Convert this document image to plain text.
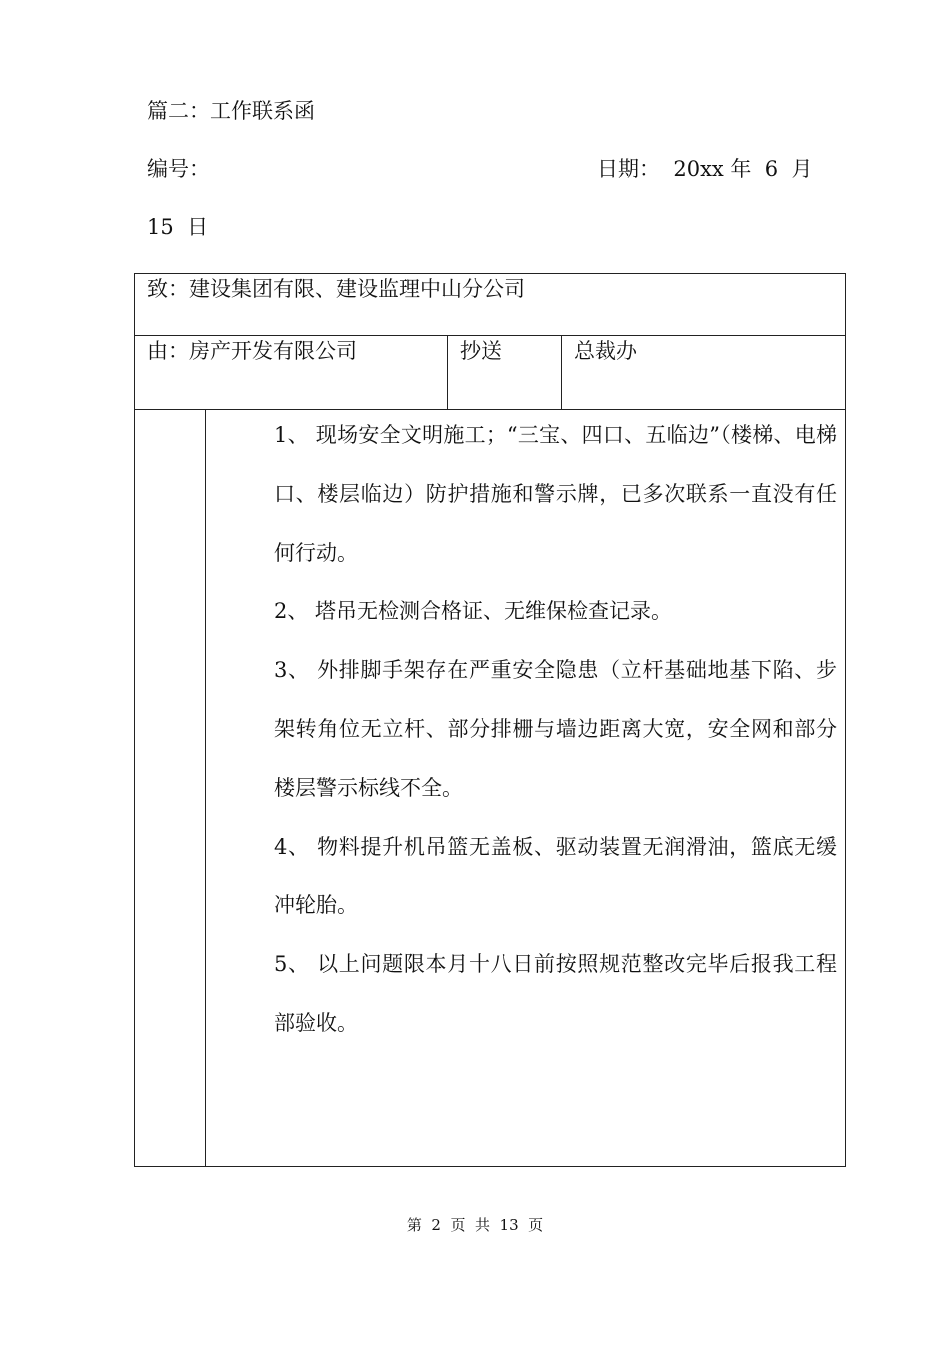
篇二：工作联系函
编号：	日期：  20xx 年  6  月
15  日
致：建设集团有限、建设监理中山分公司			
由：房产开发有限公司		抄送	总裁办

	1、 现场安全文明施工；“三宝、四口、五临边”（楼梯、电梯口、楼层临边）防护措施和警示牌，已多次联系一直没有任何行动。

2、 塔吊无检测合格证、无维保检查记录。

3、 外排脚手架存在严重安全隐患（立杆基础地基下陷、步架转角位无立杆、部分排栅与墙边距离大宽，安全网和部分楼层警示标线不全。

4、 物料提升机吊篮无盖板、驱动装置无润滑油，篮底无缓冲轮胎。

5、 以上问题限本月十八日前按照规范整改完毕后报我工程部验收。		

第  2  页  共  13  页
